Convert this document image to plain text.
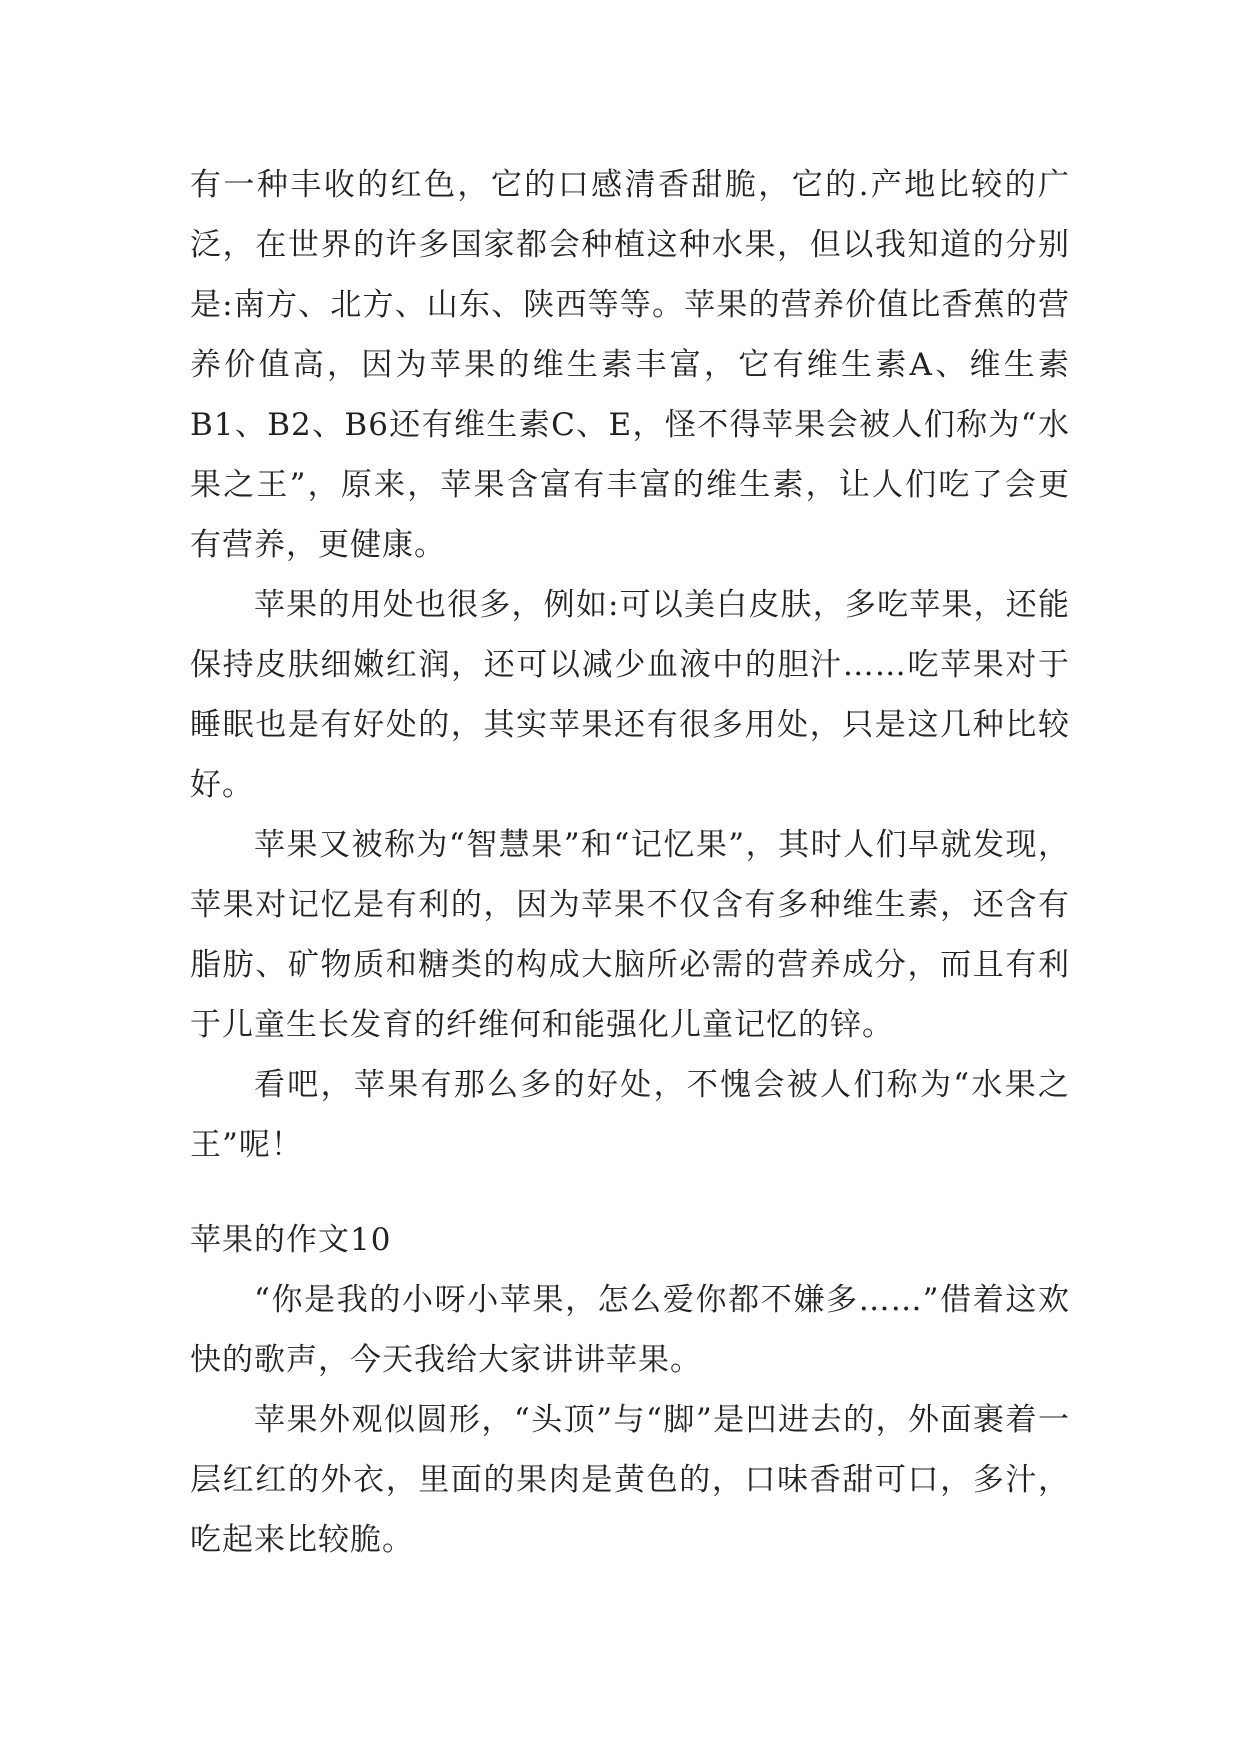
有一种丰收的红色，它的口感清香甜脆，它的.产地比较的广泛，在世界的许多国家都会种植这种水果，但以我知道的分别是:南方、北方、山东、陕西等等。苹果的营养价值比香蕉的营养价值高，因为苹果的维生素丰富，它有维生素A、维生素B1、B2、B6还有维生素C、E，怪不得苹果会被人们称为“水果之王”，原来，苹果含富有丰富的维生素，让人们吃了会更有营养，更健康。

苹果的用处也很多，例如:可以美白皮肤，多吃苹果，还能保持皮肤细嫩红润，还可以减少血液中的胆汁……吃苹果对于睡眠也是有好处的，其实苹果还有很多用处，只是这几种比较好。

苹果又被称为“智慧果”和“记忆果”，其时人们早就发现，苹果对记忆是有利的，因为苹果不仅含有多种维生素，还含有脂肪、矿物质和糖类的构成大脑所必需的营养成分，而且有利于儿童生长发育的纤维何和能强化儿童记忆的锌。

看吧，苹果有那么多的好处，不愧会被人们称为“水果之王”呢！

苹果的作文10

“你是我的小呀小苹果，怎么爱你都不嫌多……”借着这欢快的歌声，今天我给大家讲讲苹果。

苹果外观似圆形，“头顶”与“脚”是凹进去的，外面裹着一层红红的外衣，里面的果肉是黄色的，口味香甜可口，多汁，吃起来比较脆。
